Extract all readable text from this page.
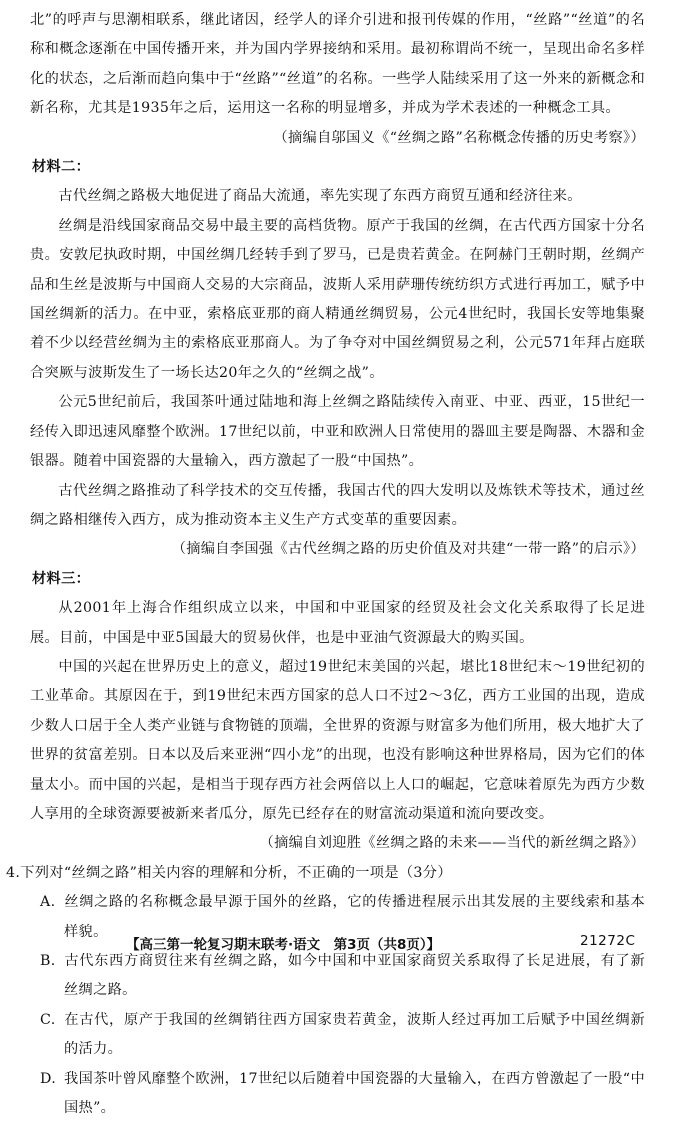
北”的呼声与思潮相联系，继此诸因，经学人的译介引进和报刊传媒的作用，“丝路”“丝道”的名称和概念逐渐在中国传播开来，并为国内学界接纳和采用。最初称谓尚不统一，呈现出命名多样化的状态，之后渐而趋向集中于“丝路”“丝道”的名称。一些学人陆续采用了这一外来的新概念和新名称，尤其是1935年之后，运用这一名称的明显增多，并成为学术表述的一种概念工具。

（摘编自邬国义《“丝绸之路”名称概念传播的历史考察》）

材料二：

古代丝绸之路极大地促进了商品大流通，率先实现了东西方商贸互通和经济往来。

丝绸是沿线国家商品交易中最主要的高档货物。原产于我国的丝绸，在古代西方国家十分名贵。安敦尼执政时期，中国丝绸几经转手到了罗马，已是贵若黄金。在阿赫门王朝时期，丝绸产品和生丝是波斯与中国商人交易的大宗商品，波斯人采用萨珊传统纺织方式进行再加工，赋予中国丝绸新的活力。在中亚，索格底亚那的商人精通丝绸贸易，公元4世纪时，我国长安等地集聚着不少以经营丝绸为主的索格底亚那商人。为了争夺对中国丝绸贸易之利，公元571年拜占庭联合突厥与波斯发生了一场长达20年之久的“丝绸之战”。

公元5世纪前后，我国茶叶通过陆地和海上丝绸之路陆续传入南亚、中亚、西亚，15世纪一经传入即迅速风靡整个欧洲。17世纪以前，中亚和欧洲人日常使用的器皿主要是陶器、木器和金银器。随着中国瓷器的大量输入，西方激起了一股“中国热”。

古代丝绸之路推动了科学技术的交互传播，我国古代的四大发明以及炼铁术等技术，通过丝绸之路相继传入西方，成为推动资本主义生产方式变革的重要因素。

（摘编自李国强《古代丝绸之路的历史价值及对共建“一带一路”的启示》）

材料三：

从2001年上海合作组织成立以来，中国和中亚国家的经贸及社会文化关系取得了长足进展。目前，中国是中亚5国最大的贸易伙伴，也是中亚油气资源最大的购买国。

中国的兴起在世界历史上的意义，超过19世纪末美国的兴起，堪比18世纪末～19世纪初的工业革命。其原因在于，到19世纪末西方国家的总人口不过2～3亿，西方工业国的出现，造成少数人口居于全人类产业链与食物链的顶端，全世界的资源与财富多为他们所用，极大地扩大了世界的贫富差别。日本以及后来亚洲“四小龙”的出现，也没有影响这种世界格局，因为它们的体量太小。而中国的兴起，是相当于现存西方社会两倍以上人口的崛起，它意味着原先为西方少数人享用的全球资源要被新来者瓜分，原先已经存在的财富流动渠道和流向要改变。

（摘编自刘迎胜《丝绸之路的未来——当代的新丝绸之路》）

4.下列对“丝绸之路”相关内容的理解和分析，不正确的一项是（3分）

A. 丝绸之路的名称概念最早源于国外的丝路，它的传播进程展示出其发展的主要线索和基本样貌。

B. 古代东西方商贸往来有丝绸之路，如今中国和中亚国家商贸关系取得了长足进展，有了新丝绸之路。

C. 在古代，原产于我国的丝绸销往西方国家贵若黄金，波斯人经过再加工后赋予中国丝绸新的活力。

D. 我国茶叶曾风靡整个欧洲，17世纪以后随着中国瓷器的大量输入，在西方曾激起了一股“中国热”。

【高三第一轮复习期末联考·语文　第3页（共8页）】	21272C
